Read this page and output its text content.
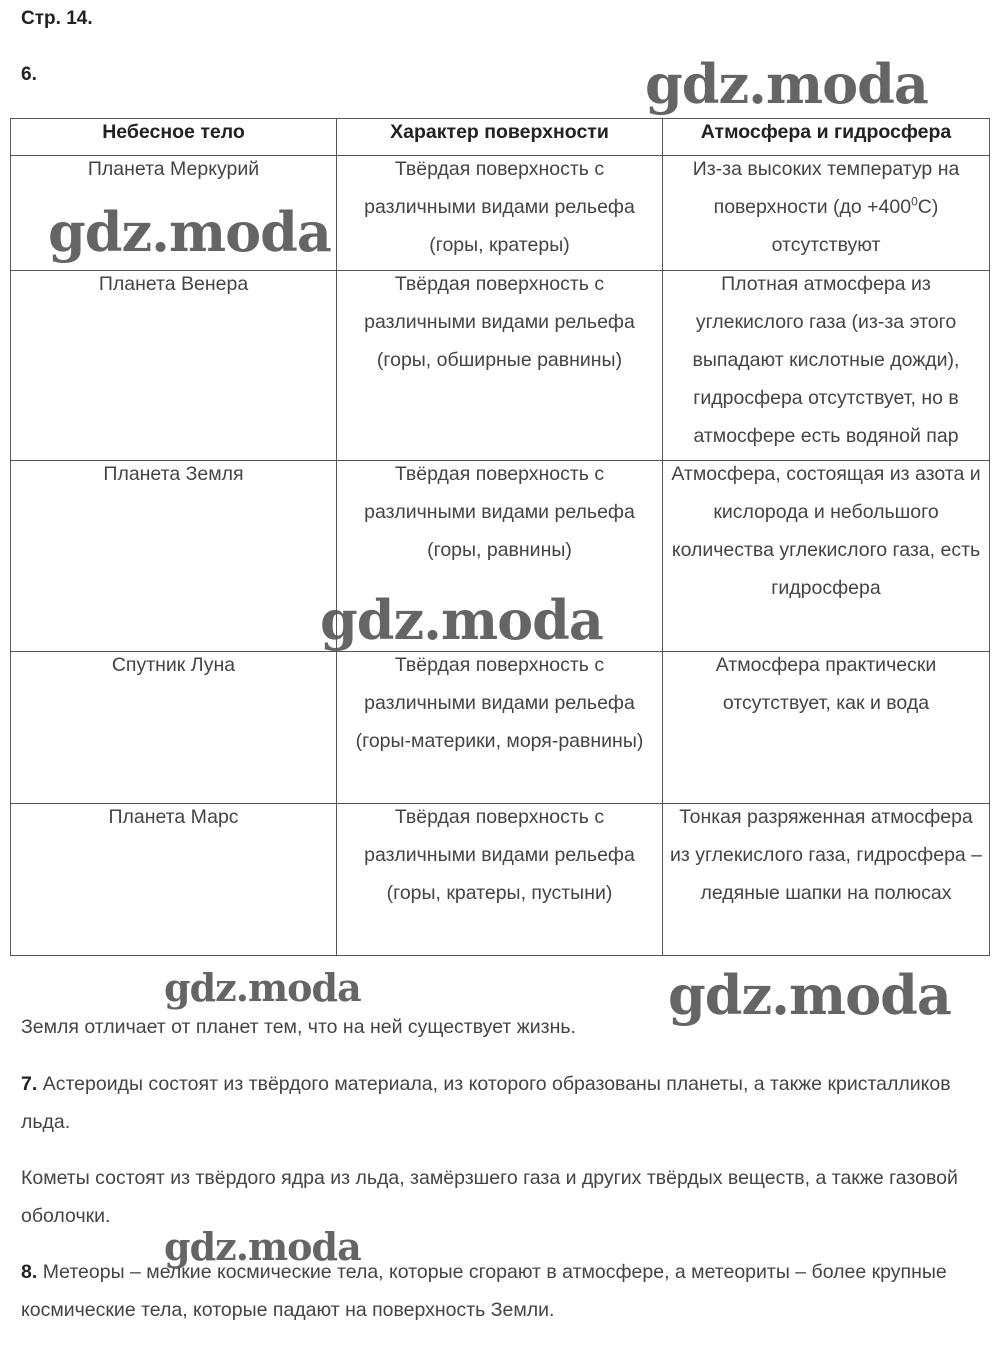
Стр. 14.
6.
Небесное тело	Характер поверхности	Атмосфера и гидросфера

Планета Меркурий	Твёрдая поверхность с различными видами рельефа (горы, кратеры)	Из-за высоких температур на поверхности $(до +400^0С)$ отсутствуют

Планета Венера	Твёрдая поверхность с различными видами рельефа (горы, обширные равнины)	Плотная атмосфера из углекислого газа (из-за этого выпадают кислотные дожди), гидросфера отсутствует, но в атмосфере есть водяной пар

Планета Земля	Твёрдая поверхность с различными видами рельефа (горы, равнины)	Атмосфера, состоящая из азота и кислорода и небольшого количества углекислого газа, есть гидросфера

Спутник Луна	Твёрдая поверхность с различными видами рельефа (горы-материки, моря-равнины)	Атмосфера практически отсутствует, как и вода

Планета Марс	Твёрдая поверхность с различными видами рельефа (горы, кратеры, пустыни)	Тонкая разряженная атмосфера из углекислого газа, гидросфера – ледяные шапки на полюсах
Земля отличает от планет тем, что на ней существует жизнь.
7. Астероиды состоят из твёрдого материала, из которого образованы планеты, а также кристалликов льда.
Кометы состоят из твёрдого ядра из льда, замёрзшего газа и других твёрдых веществ, а также газовой оболочки.
8. Метеоры – мелкие космические тела, которые сгорают в атмосфере, а метеориты – более крупные космические тела, которые падают на поверхность Земли.
gdz.moda
gdz.moda
gdz.moda
gdz.moda	gdz.moda
gdz.moda
